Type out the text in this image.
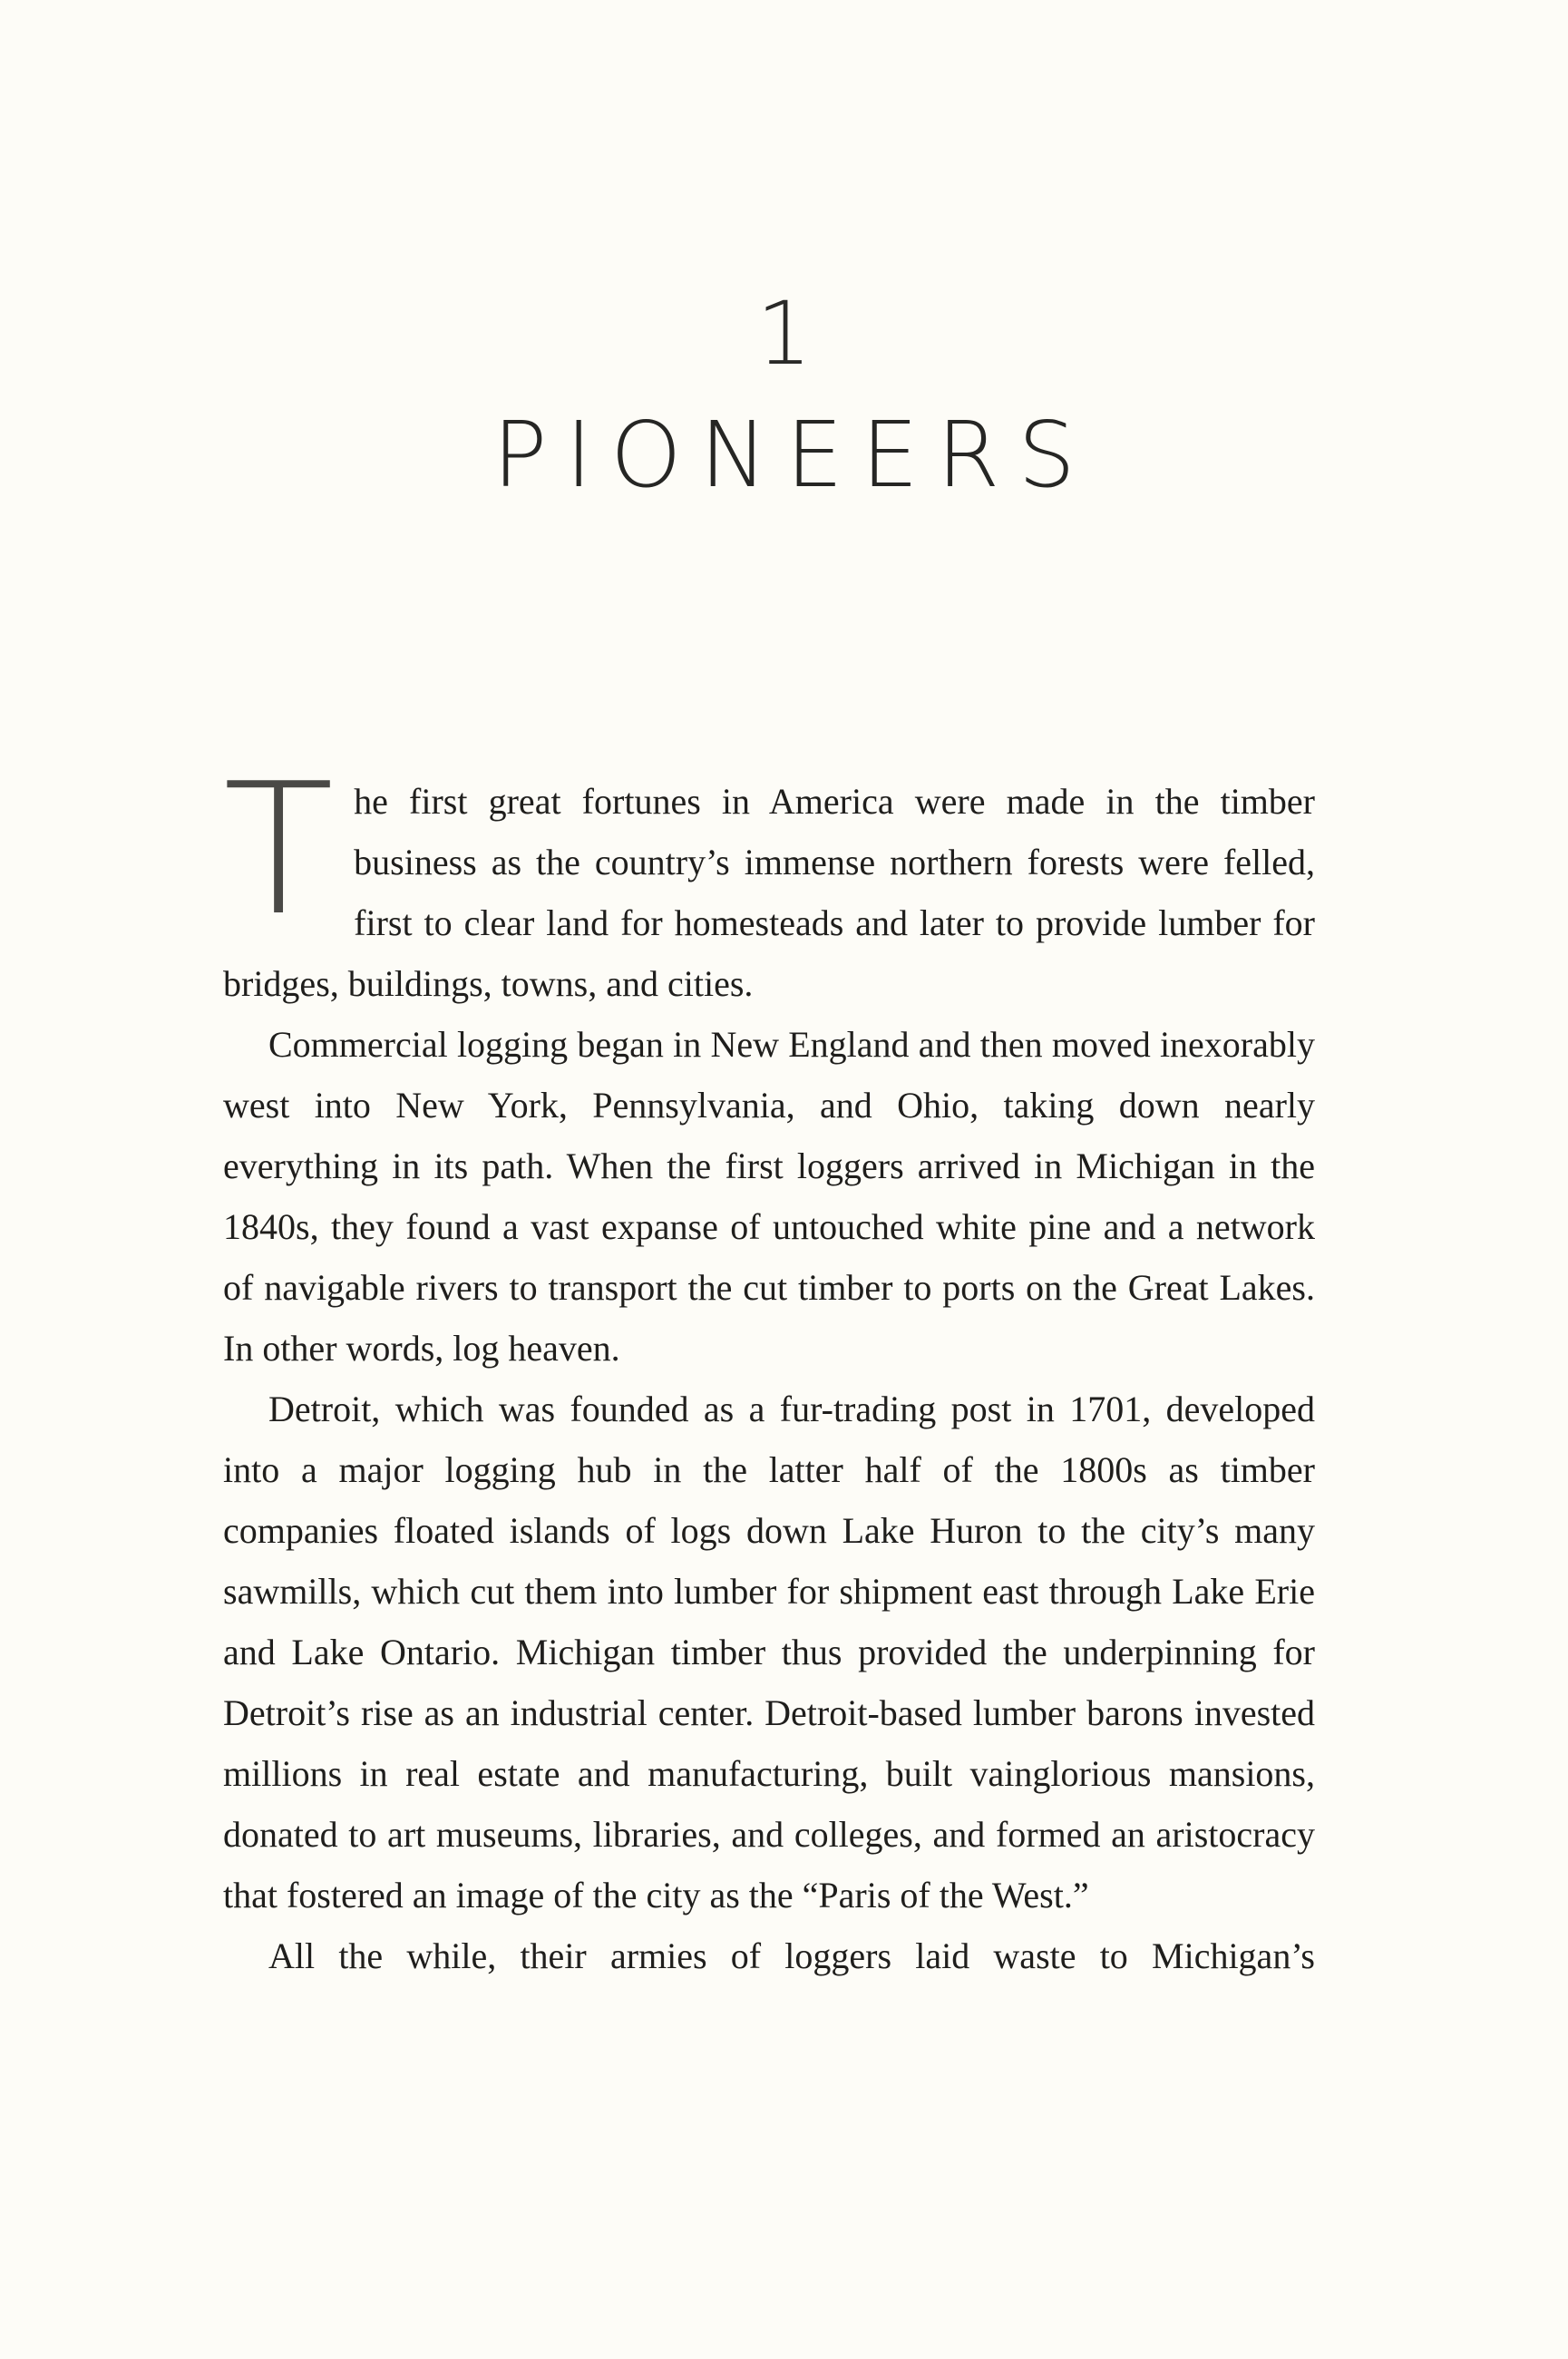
1
PIONEERS

The first great fortunes in America were made in the timber business as the country’s immense northern forests were felled, first to clear land for homesteads and later to provide lumber for bridges, buildings, towns, and cities.

Commercial logging began in New England and then moved inexorably west into New York, Pennsylvania, and Ohio, taking down nearly everything in its path. When the first loggers arrived in Michigan in the 1840s, they found a vast expanse of untouched white pine and a network of navigable rivers to transport the cut timber to ports on the Great Lakes. In other words, log heaven.

Detroit, which was founded as a fur-trading post in 1701, developed into a major logging hub in the latter half of the 1800s as timber companies floated islands of logs down Lake Huron to the city’s many sawmills, which cut them into lumber for shipment east through Lake Erie and Lake Ontario. Michigan timber thus provided the underpinning for Detroit’s rise as an industrial center. Detroit-based lumber barons invested millions in real estate and manufacturing, built vainglorious mansions, donated to art museums, libraries, and colleges, and formed an aristocracy that fostered an image of the city as the “Paris of the West.”

All the while, their armies of loggers laid waste to Michigan’s
